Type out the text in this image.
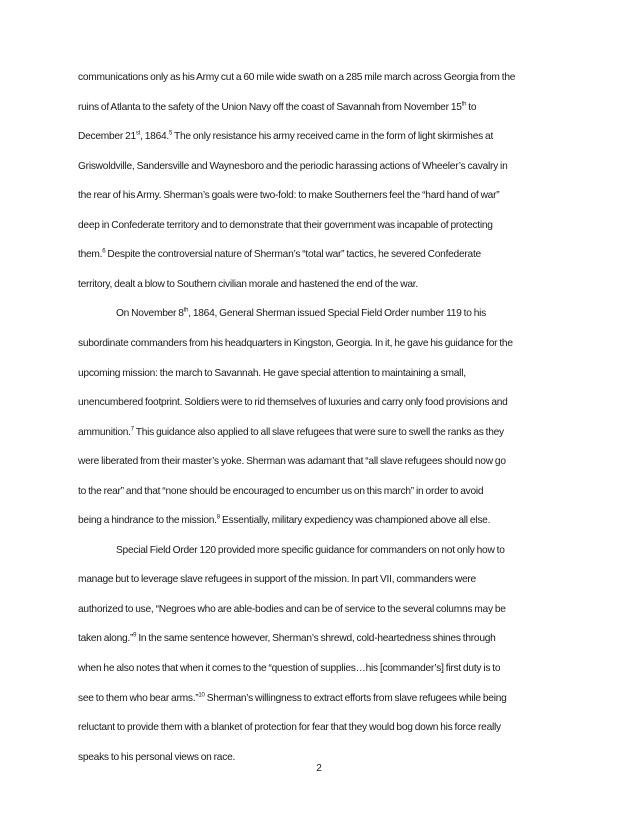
communications only as his Army cut a 60 mile wide swath on a 285 mile march across Georgia from the

ruins of Atlanta to the safety of the Union Navy off the coast of Savannah from November 15th to

December 21st, 1864.$^5$ The only resistance his army received came in the form of light skirmishes at

Griswoldville, Sandersville and Waynesboro and the periodic harassing actions of Wheeler’s cavalry in

the rear of his Army. Sherman’s goals were two-fold: to make Southerners feel the “hard hand of war”

deep in Confederate territory and to demonstrate that their government was incapable of protecting

them.$^6$ Despite the controversial nature of Sherman’s “total war” tactics, he severed Confederate

territory, dealt a blow to Southern civilian morale and hastened the end of the war.

On November 8th, 1864, General Sherman issued Special Field Order number 119 to his

subordinate commanders from his headquarters in Kingston, Georgia. In it, he gave his guidance for the

upcoming mission: the march to Savannah. He gave special attention to maintaining a small,

unencumbered footprint. Soldiers were to rid themselves of luxuries and carry only food provisions and

ammunition.$^7$ This guidance also applied to all slave refugees that were sure to swell the ranks as they

were liberated from their master’s yoke. Sherman was adamant that “all slave refugees should now go

to the rear” and that “none should be encouraged to encumber us on this march” in order to avoid

being a hindrance to the mission.$^8$ Essentially, military expediency was championed above all else.

Special Field Order 120 provided more specific guidance for commanders on not only how to

manage but to leverage slave refugees in support of the mission. In part VII, commanders were

authorized to use, “Negroes who are able-bodies and can be of service to the several columns may be

taken along.”$^9$ In the same sentence however, Sherman’s shrewd, cold-heartedness shines through

when he also notes that when it comes to the “question of supplies…his [commander’s] first duty is to

see to them who bear arms.”$^{10}$ Sherman’s willingness to extract efforts from slave refugees while being

reluctant to provide them with a blanket of protection for fear that they would bog down his force really

speaks to his personal views on race.

2
